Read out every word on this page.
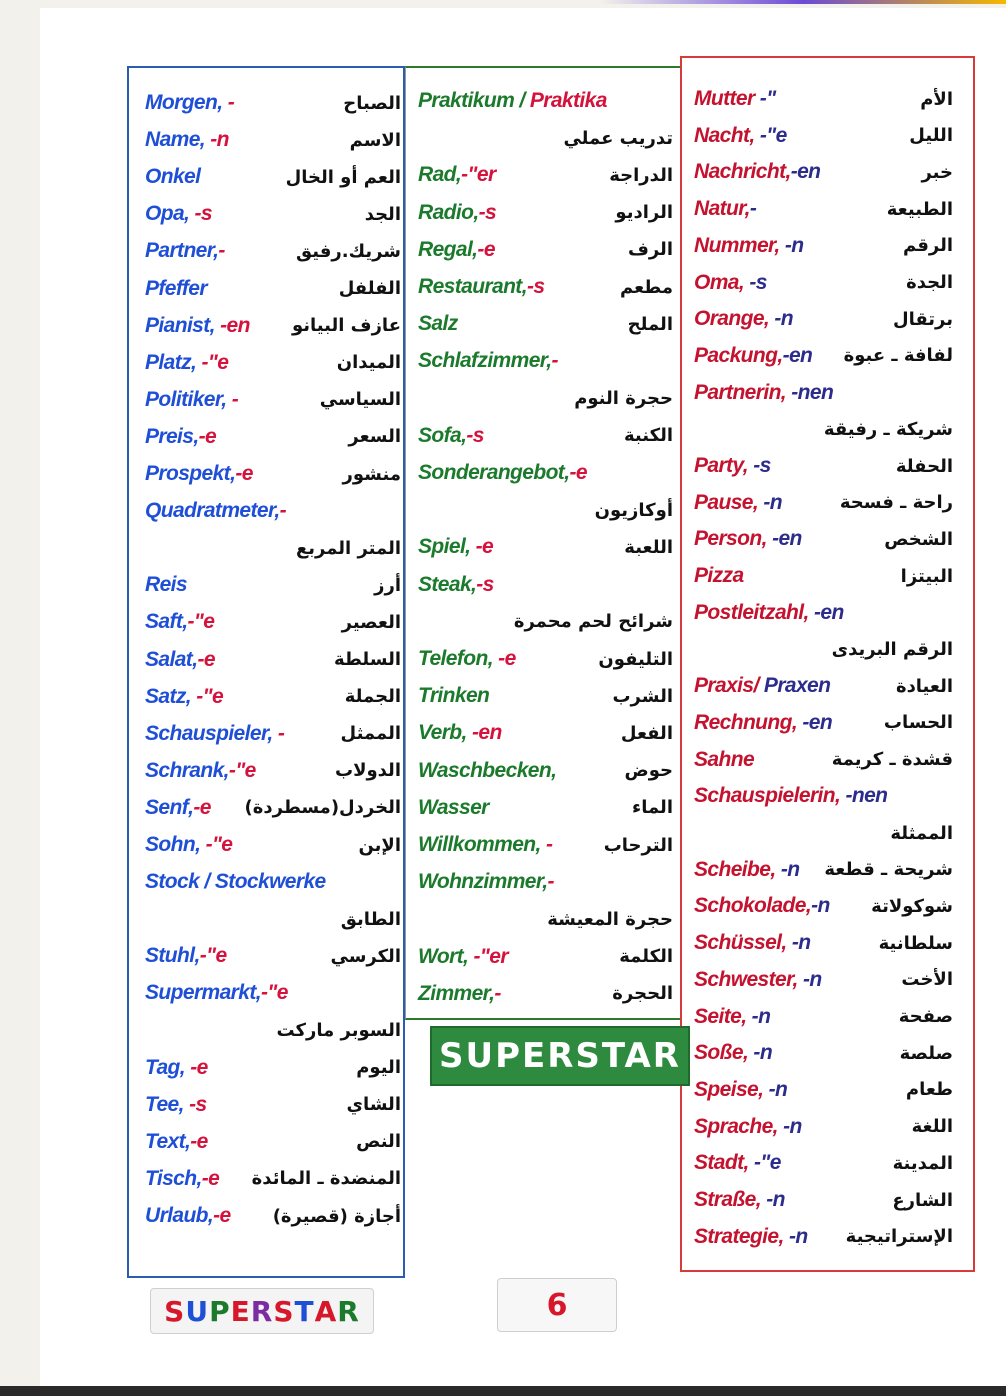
Morgen, -	الصباح
Name, -n	الاسم
Onkel	العم أو الخال
Opa, -s	الجد
Partner,-	شريك.رفيق
Pfeffer	الفلفل
Pianist, -en عازف البيانو
Platz, -"e	الميدان
Politiker, -	السياسي
Preis,-e	السعر
Prospekt,-e	منشور
Quadratmeter,-
المتر المربع
Reis	أرز
Saft,-"e	العصير
Salat,-e	السلطة
Satz, -"e	الجملة
Schauspieler, -	الممثل
Schrank,-"e	الدولاب
Senf,-e الخردل(مسطردة)
Sohn, -"e	الإبن
Stock / Stockwerke
الطابق
Stuhl,-"e	الكرسي
Supermarkt,-"e
السوبر ماركت
Tag, -e	اليوم
Tee, -s	الشاي
Text,-e	النص
Tisch,-e المنضدة ـ المائدة
Urlaub,-e أجازة (قصيرة)
Praktikum / Praktika
تدريب عملي
Rad,-"er	الدراجة
Radio,-s	الراديو
Regal,-e	الرف
Restaurant,-s	مطعم
Salz	الملح
Schlafzimmer,-
حجرة النوم
Sofa,-s	الكنبة
Sonderangebot,-e
أوكازيون
Spiel, -e	اللعبة
Steak,-s
شرائح لحم محمرة
Telefon, -e	التليفون
Trinken	الشرب
Verb, -en	الفعل
Waschbecken,	حوض
Wasser	الماء
Willkommen, -	الترحاب
Wohnzimmer,-
حجرة المعيشة
Wort, -"er	الكلمة
Zimmer,-	الحجرة
Mutter -"	الأم
Nacht, -"e	الليل
Nachricht,-en	خبر
Natur,-	الطبيعة
Nummer, -n	الرقم
Oma, -s	الجدة
Orange, -n	برتقال
Packung,-en لفافة ـ عبوة
Partnerin, -nen
شريكة ـ رفيقة
Party, -s	الحفلة
Pause, -n	راحة ـ فسحة
Person, -en	الشخص
Pizza	البيتزا
Postleitzahl, -en
الرقم البريدى
Praxis/ Praxen	العيادة
Rechnung, -en	الحساب
Sahne	قشدة ـ كريمة
Schauspielerin, -nen
الممثلة
Scheibe, -n شريحة ـ قطعة
Schokolade,-n شوكولاتة
Schüssel, -n	سلطانية
Schwester, -n	الأخت
Seite, -n	صفحة
Soße, -n	صلصة
Speise, -n	طعام
Sprache, -n	اللغة
Stadt, -"e	المدينة
Straße, -n	الشارع
Strategie, -n الإستراتيجية
SUPERSTAR
S U P E R S T A R	6
